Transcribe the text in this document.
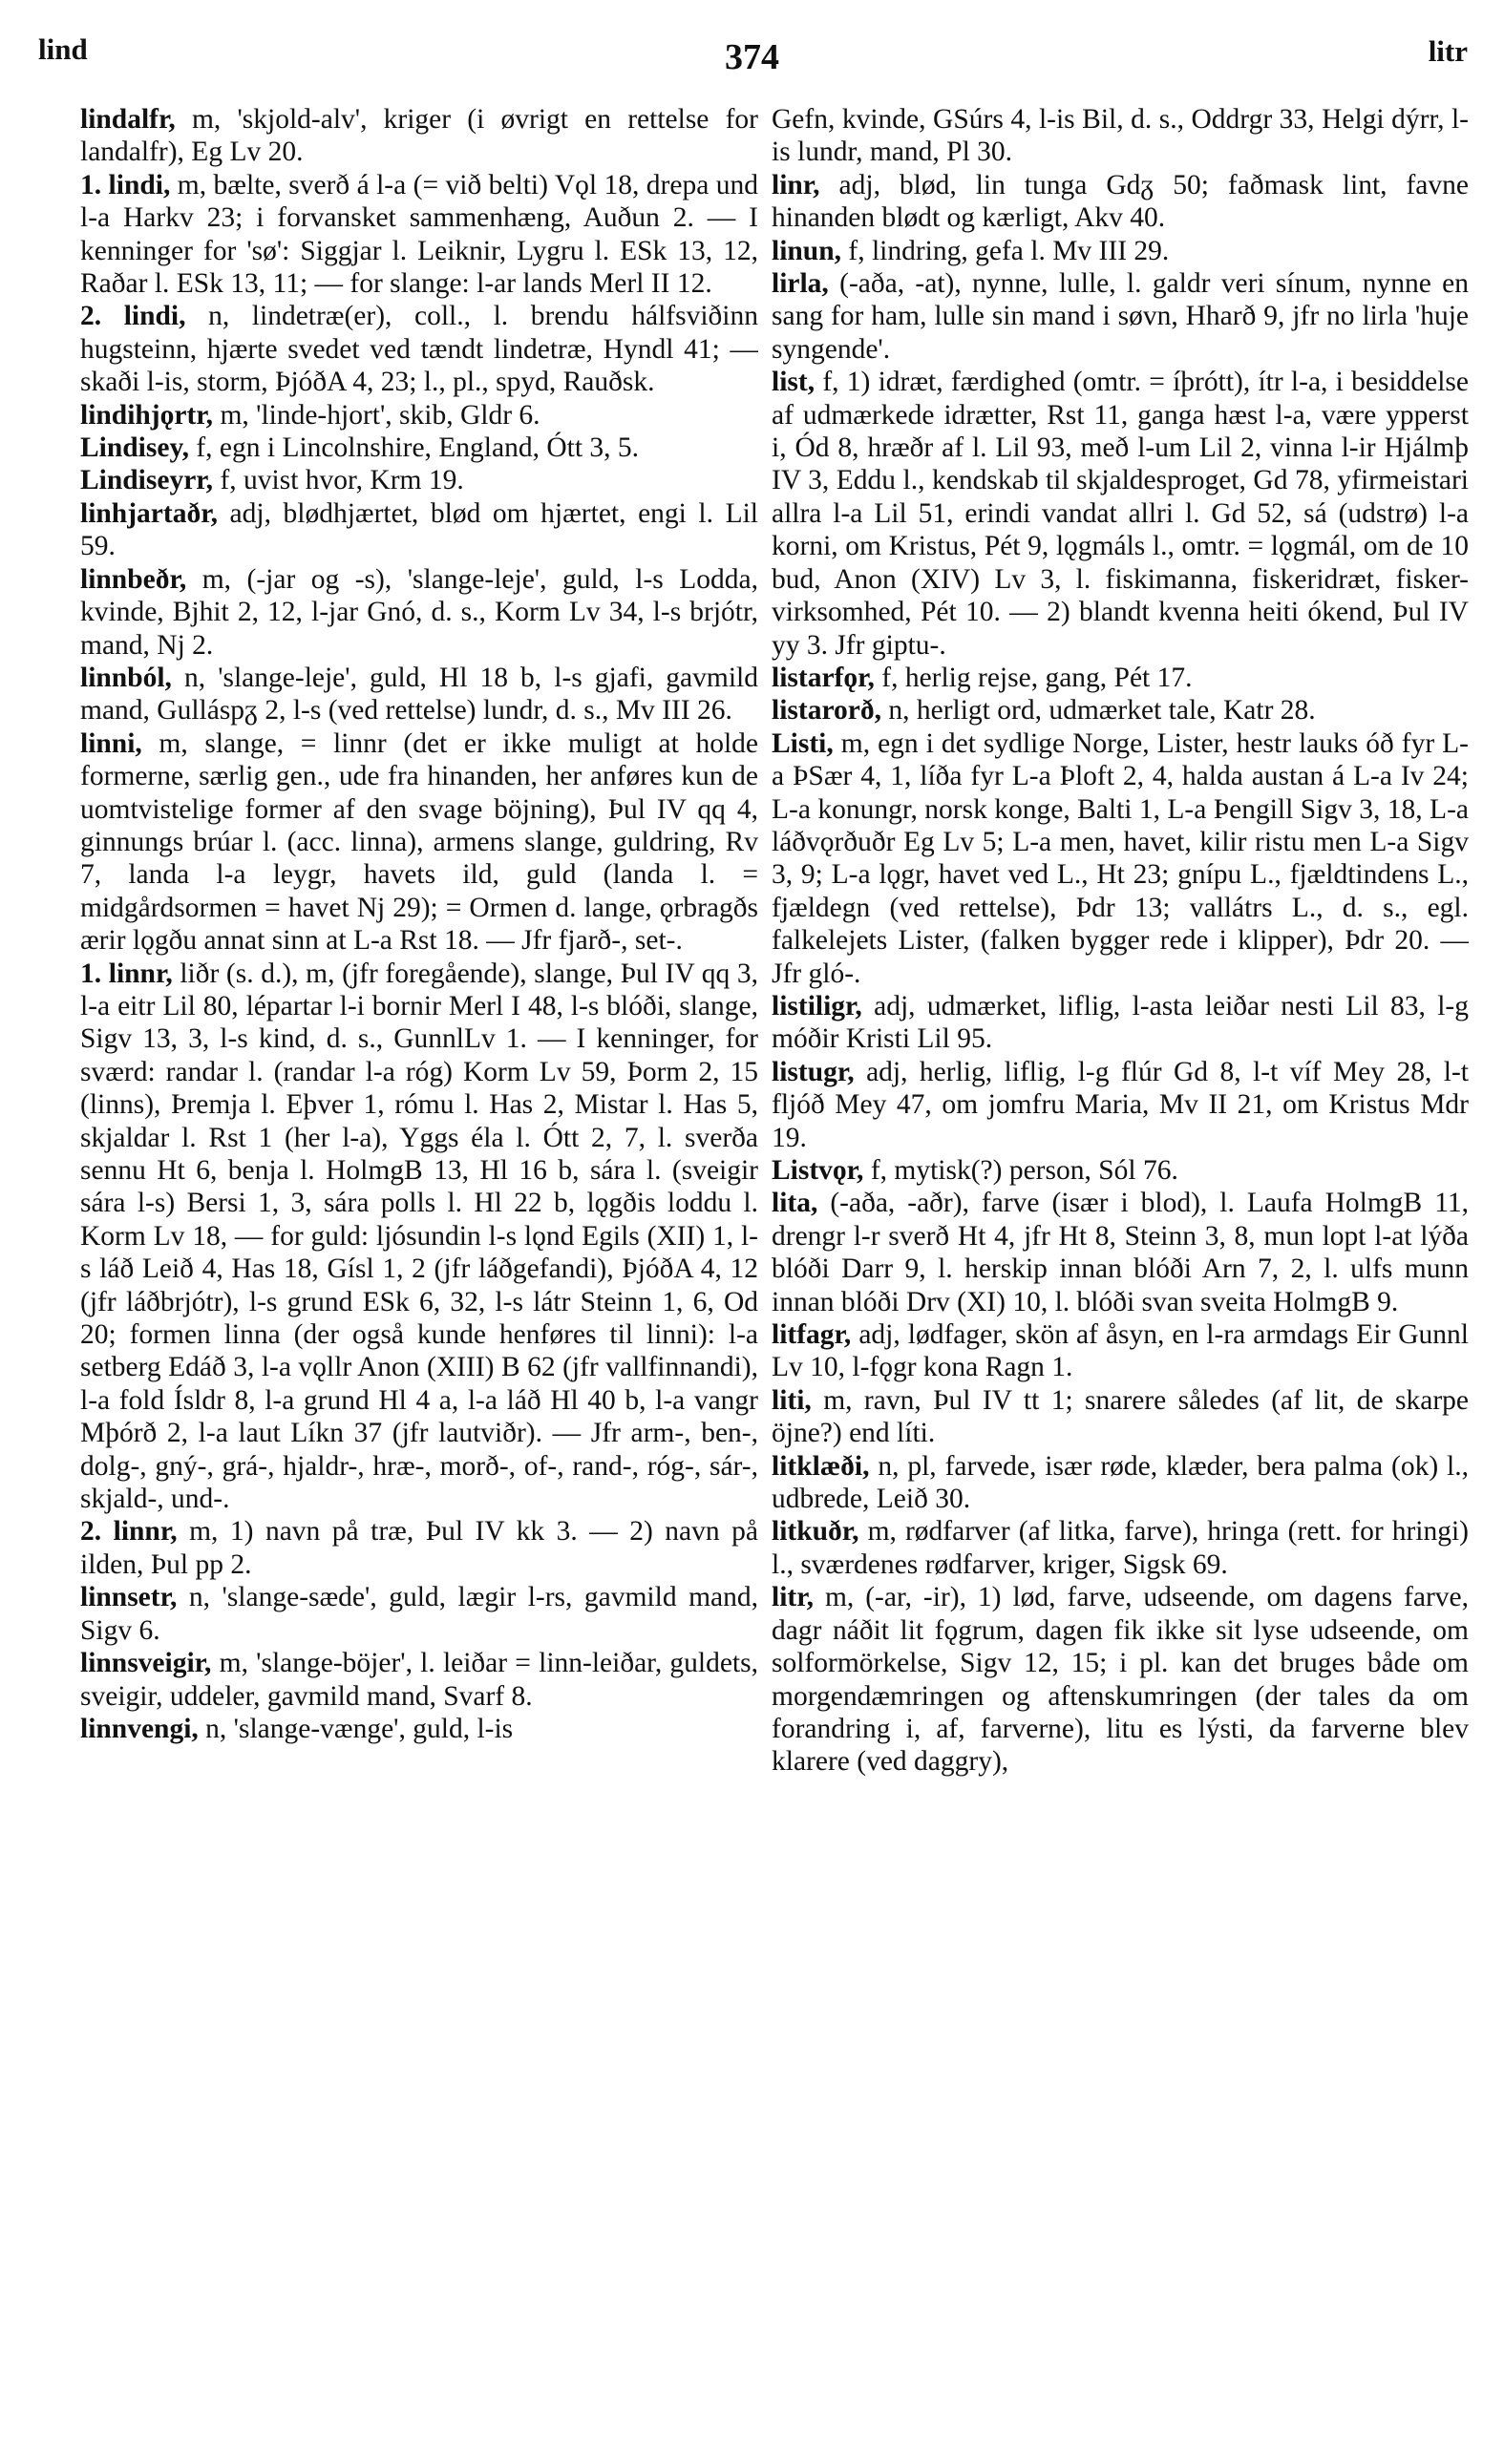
lind	374	litr

lindalfr, m, 'skjold-alv', kriger (i øvrigt en rettelse for landalfr), Eg Lv 20.

1. lindi, m, bælte, sverð á l-a (= við belti) Vǫl 18, drepa und l-a Harkv 23; i forvansket sammenhæng, Auðun 2. — I kenninger for 'sø': Siggjar l. Leiknir, Lygru l. ESk 13, 12, Raðar l. ESk 13, 11; — for slange: l-ar lands Merl II 12.

2. lindi, n, lindetræ(er), coll., l. brendu hálfsviðinn hugsteinn, hjærte svedet ved tændt lindetræ, Hyndl 41; — skaði l-is, storm, ÞjóðA 4, 23; l., pl., spyd, Rauðsk.

lindihjǫrtr, m, 'linde-hjort', skib, Gldr 6.

Lindisey, f, egn i Lincolnshire, England, Ótt 3, 5.

Lindiseyrr, f, uvist hvor, Krm 19.

linhjartaðr, adj, blødhjærtet, blød om hjærtet, engi l. Lil 59.

linnbeðr, m, (-jar og -s), 'slange-leje', guld, l-s Lodda, kvinde, Bjhit 2, 12, l-jar Gnó, d. s., Korm Lv 34, l-s brjótr, mand, Nj 2.

linnból, n, 'slange-leje', guld, Hl 18 b, l-s gjafi, gavmild mand, Gulláspᵹ 2, l-s (ved rettelse) lundr, d. s., Mv III 26.

linni, m, slange, = linnr (det er ikke muligt at holde formerne, særlig gen., ude fra hinanden, her anføres kun de uomtvistelige former af den svage böjning), Þul IV qq 4, ginnungs brúar l. (acc. linna), armens slange, guldring, Rv 7, landa l-a leygr, havets ild, guld (landa l. = midgårdsormen = havet Nj 29); = Ormen d. lange, ǫrbragðs ærir lǫgðu annat sinn at L-a Rst 18. — Jfr fjarð-, set-.

1. linnr, liðr (s. d.), m, (jfr foregående), slange, Þul IV qq 3, l-a eitr Lil 80, lépartar l-i bornir Merl I 48, l-s blóði, slange, Sigv 13, 3, l-s kind, d. s., GunnlLv 1. — I kenninger, for sværd: randar l. (randar l-a róg) Korm Lv 59, Þorm 2, 15 (linns), Þremja l. Eþver 1, rómu l. Has 2, Mistar l. Has 5, skjaldar l. Rst 1 (her l-a), Yggs éla l. Ótt 2, 7, l. sverða sennu Ht 6, benja l. HolmgB 13, Hl 16 b, sára l. (sveigir sára l-s) Bersi 1, 3, sára polls l. Hl 22 b, lǫgðis loddu l. Korm Lv 18, — for guld: ljósundin l-s lǫnd Egils (XII) 1, l-s láð Leið 4, Has 18, Gísl 1, 2 (jfr láðgefandi), ÞjóðA 4, 12 (jfr láðbrjótr), l-s grund ESk 6, 32, l-s látr Steinn 1, 6, Od 20; formen linna (der også kunde henføres til linni): l-a setberg Edáð 3, l-a vǫllr Anon (XIII) B 62 (jfr vallfinnandi), l-a fold Ísldr 8, l-a grund Hl 4 a, l-a láð Hl 40 b, l-a vangr Mþórð 2, l-a laut Líkn 37 (jfr lautviðr). — Jfr arm-, ben-, dolg-, gný-, grá-, hjaldr-, hræ-, morð-, of-, rand-, róg-, sár-, skjald-, und-.

2. linnr, m, 1) navn på træ, Þul IV kk 3. — 2) navn på ilden, Þul pp 2.

linnsetr, n, 'slange-sæde', guld, lægir l-rs, gavmild mand, Sigv 6.

linnsveigir, m, 'slange-böjer', l. leiðar = linn-leiðar, guldets, sveigir, uddeler, gavmild mand, Svarf 8.

linnvengi, n, 'slange-vænge', guld, l-is

Gefn, kvinde, GSúrs 4, l-is Bil, d. s., Oddrgr 33, Helgi dýrr, l-is lundr, mand, Pl 30.

linr, adj, blød, lin tunga Gdᵹ 50; faðmask lint, favne hinanden blødt og kærligt, Akv 40.

linun, f, lindring, gefa l. Mv III 29.

lirla, (-aða, -at), nynne, lulle, l. galdr veri sínum, nynne en sang for ham, lulle sin mand i søvn, Hharð 9, jfr no lirla 'huje syngende'.

list, f, 1) idræt, færdighed (omtr. = íþrótt), ítr l-a, i besiddelse af udmærkede idrætter, Rst 11, ganga hæst l-a, være ypperst i, Ód 8, hræðr af l. Lil 93, með l-um Lil 2, vinna l-ir Hjálmþ IV 3, Eddu l., kendskab til skjaldesproget, Gd 78, yfirmeistari allra l-a Lil 51, erindi vandat allri l. Gd 52, sá (udstrø) l-a korni, om Kristus, Pét 9, lǫgmáls l., omtr. = lǫgmál, om de 10 bud, Anon (XIV) Lv 3, l. fiskimanna, fiskeridræt, fisker-virksomhed, Pét 10. — 2) blandt kvenna heiti ókend, Þul IV yy 3. Jfr giptu-.

listarfǫr, f, herlig rejse, gang, Pét 17.

listarorð, n, herligt ord, udmærket tale, Katr 28.

Listi, m, egn i det sydlige Norge, Lister, hestr lauks óð fyr L-a ÞSær 4, 1, líða fyr L-a Þloft 2, 4, halda austan á L-a Iv 24; L-a konungr, norsk konge, Balti 1, L-a Þengill Sigv 3, 18, L-a láðvǫrðuðr Eg Lv 5; L-a men, havet, kilir ristu men L-a Sigv 3, 9; L-a lǫgr, havet ved L., Ht 23; gnípu L., fjældtindens L., fjældegn (ved rettelse), Þdr 13; vallátrs L., d. s., egl. falkelejets Lister, (falken bygger rede i klipper), Þdr 20. — Jfr gló-.

listiligr, adj, udmærket, liflig, l-asta leiðar nesti Lil 83, l-g móðir Kristi Lil 95.

listugr, adj, herlig, liflig, l-g flúr Gd 8, l-t víf Mey 28, l-t fljóð Mey 47, om jomfru Maria, Mv II 21, om Kristus Mdr 19.

Listvǫr, f, mytisk(?) person, Sól 76.

lita, (-aða, -aðr), farve (især i blod), l. Laufa HolmgB 11, drengr l-r sverð Ht 4, jfr Ht 8, Steinn 3, 8, mun lopt l-at lýða blóði Darr 9, l. herskip innan blóði Arn 7, 2, l. ulfs munn innan blóði Drv (XI) 10, l. blóði svan sveita HolmgB 9.

litfagr, adj, lødfager, skön af åsyn, en l-ra armdags Eir Gunnl Lv 10, l-fǫgr kona Ragn 1.

liti, m, ravn, Þul IV tt 1; snarere således (af lit, de skarpe öjne?) end líti.

litklæði, n, pl, farvede, især røde, klæder, bera palma (ok) l., udbrede, Leið 30.

litkuðr, m, rødfarver (af litka, farve), hringa (rett. for hringi) l., sværdenes rødfarver, kriger, Sigsk 69.

litr, m, (-ar, -ir), 1) lød, farve, udseende, om dagens farve, dagr náðit lit fǫgrum, dagen fik ikke sit lyse udseende, om solformörkelse, Sigv 12, 15; i pl. kan det bruges både om morgendæmringen og aftenskumringen (der tales da om forandring i, af, farverne), litu es lýsti, da farverne blev klarere (ved daggry),
